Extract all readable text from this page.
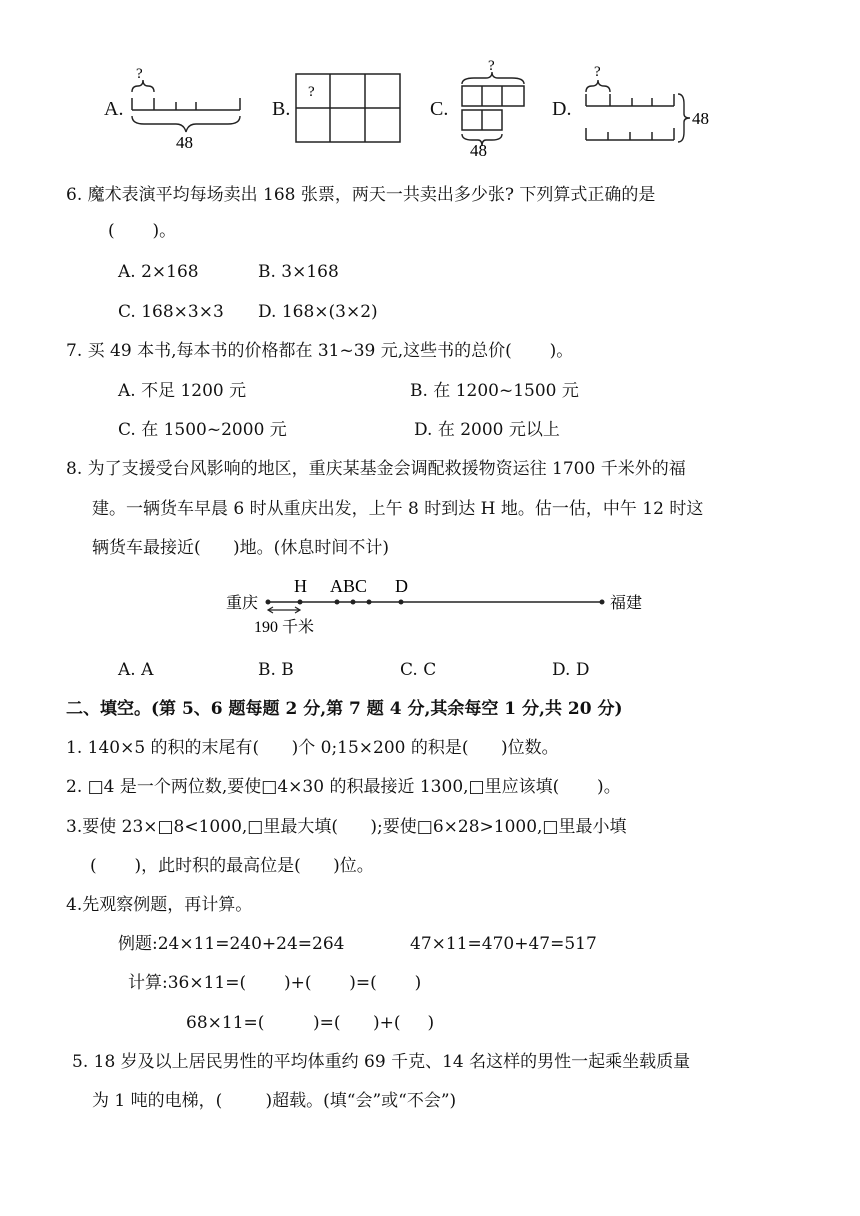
A.
?
48
B.
?
C.
?
48
D.
?
48
6. 魔术表演平均每场卖出 168 张票，两天一共卖出多少张? 下列算式正确的是
(       )。
A. 2×168	B. 3×168
C. 168×3×3 D. 168×(3×2)
7. 买 49 本书,每本书的价格都在 31~39 元,这些书的总价(       )。
A. 不足 1200 元	B. 在 1200~1500 元
C. 在 1500~2000 元	D. 在 2000 元以上
8. 为了支援受台风影响的地区，重庆某基金会调配救援物资运往 1700 千米外的福
建。一辆货车早晨 6 时从重庆出发，上午 8 时到达 H 地。估一估，中午 12 时这
辆货车最接近(      )地。(休息时间不计)
重庆
H ABC D
190 千米
福建
A. A	B. B	C. C	D. D
二、填空。(第 5、6 题每题 2 分,第 7 题 4 分,其余每空 1 分,共 20 分)
1. 140×5 的积的末尾有(      )个 0;15×200 的积是(      )位数。
2. □4 是一个两位数,要使□4×30 的积最接近 1300,□里应该填(       )。
3.要使 23×□8<1000,□里最大填(      );要使□6×28>1000,□里最小填
(       )，此时积的最高位是(      )位。
4.先观察例题，再计算。
例题:24×11=240+24=264	47×11=470+47=517
计算:36×11=(       )+(       )=(       )
68×11=(         )=(      )+(     )
5. 18 岁及以上居民男性的平均体重约 69 千克、14 名这样的男性一起乘坐载质量
为 1 吨的电梯，(        )超载。(填“会”或“不会”)
